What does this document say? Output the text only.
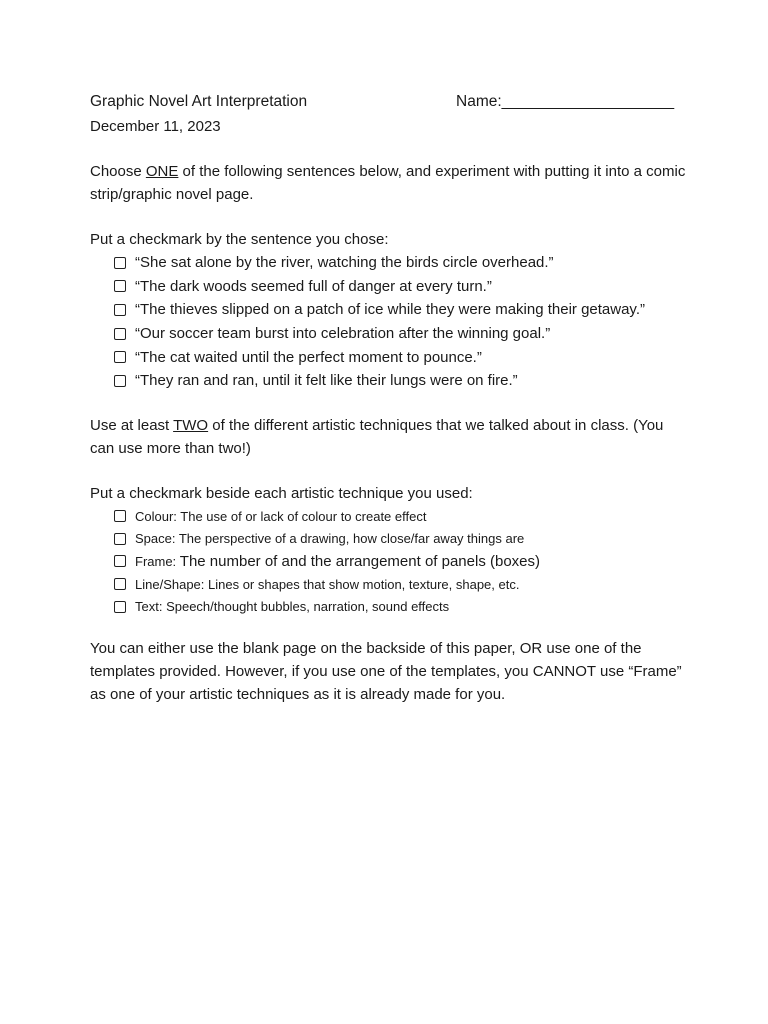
Graphic Novel Art Interpretation	Name:____________________
December 11, 2023
Choose ONE of the following sentences below, and experiment with putting it into a comic strip/graphic novel page.
Put a checkmark by the sentence you chose:
“She sat alone by the river, watching the birds circle overhead.”
“The dark woods seemed full of danger at every turn.”
“The thieves slipped on a patch of ice while they were making their getaway.”
“Our soccer team burst into celebration after the winning goal.”
“The cat waited until the perfect moment to pounce.”
“They ran and ran, until it felt like their lungs were on fire.”
Use at least TWO of the different artistic techniques that we talked about in class. (You can use more than two!)
Put a checkmark beside each artistic technique you used:
Colour: The use of or lack of colour to create effect
Space: The perspective of a drawing, how close/far away things are
Frame: The number of and the arrangement of panels (boxes)
Line/Shape: Lines or shapes that show motion, texture, shape, etc.
Text: Speech/thought bubbles, narration, sound effects
You can either use the blank page on the backside of this paper, OR use one of the templates provided. However, if you use one of the templates, you CANNOT use “Frame” as one of your artistic techniques as it is already made for you.
